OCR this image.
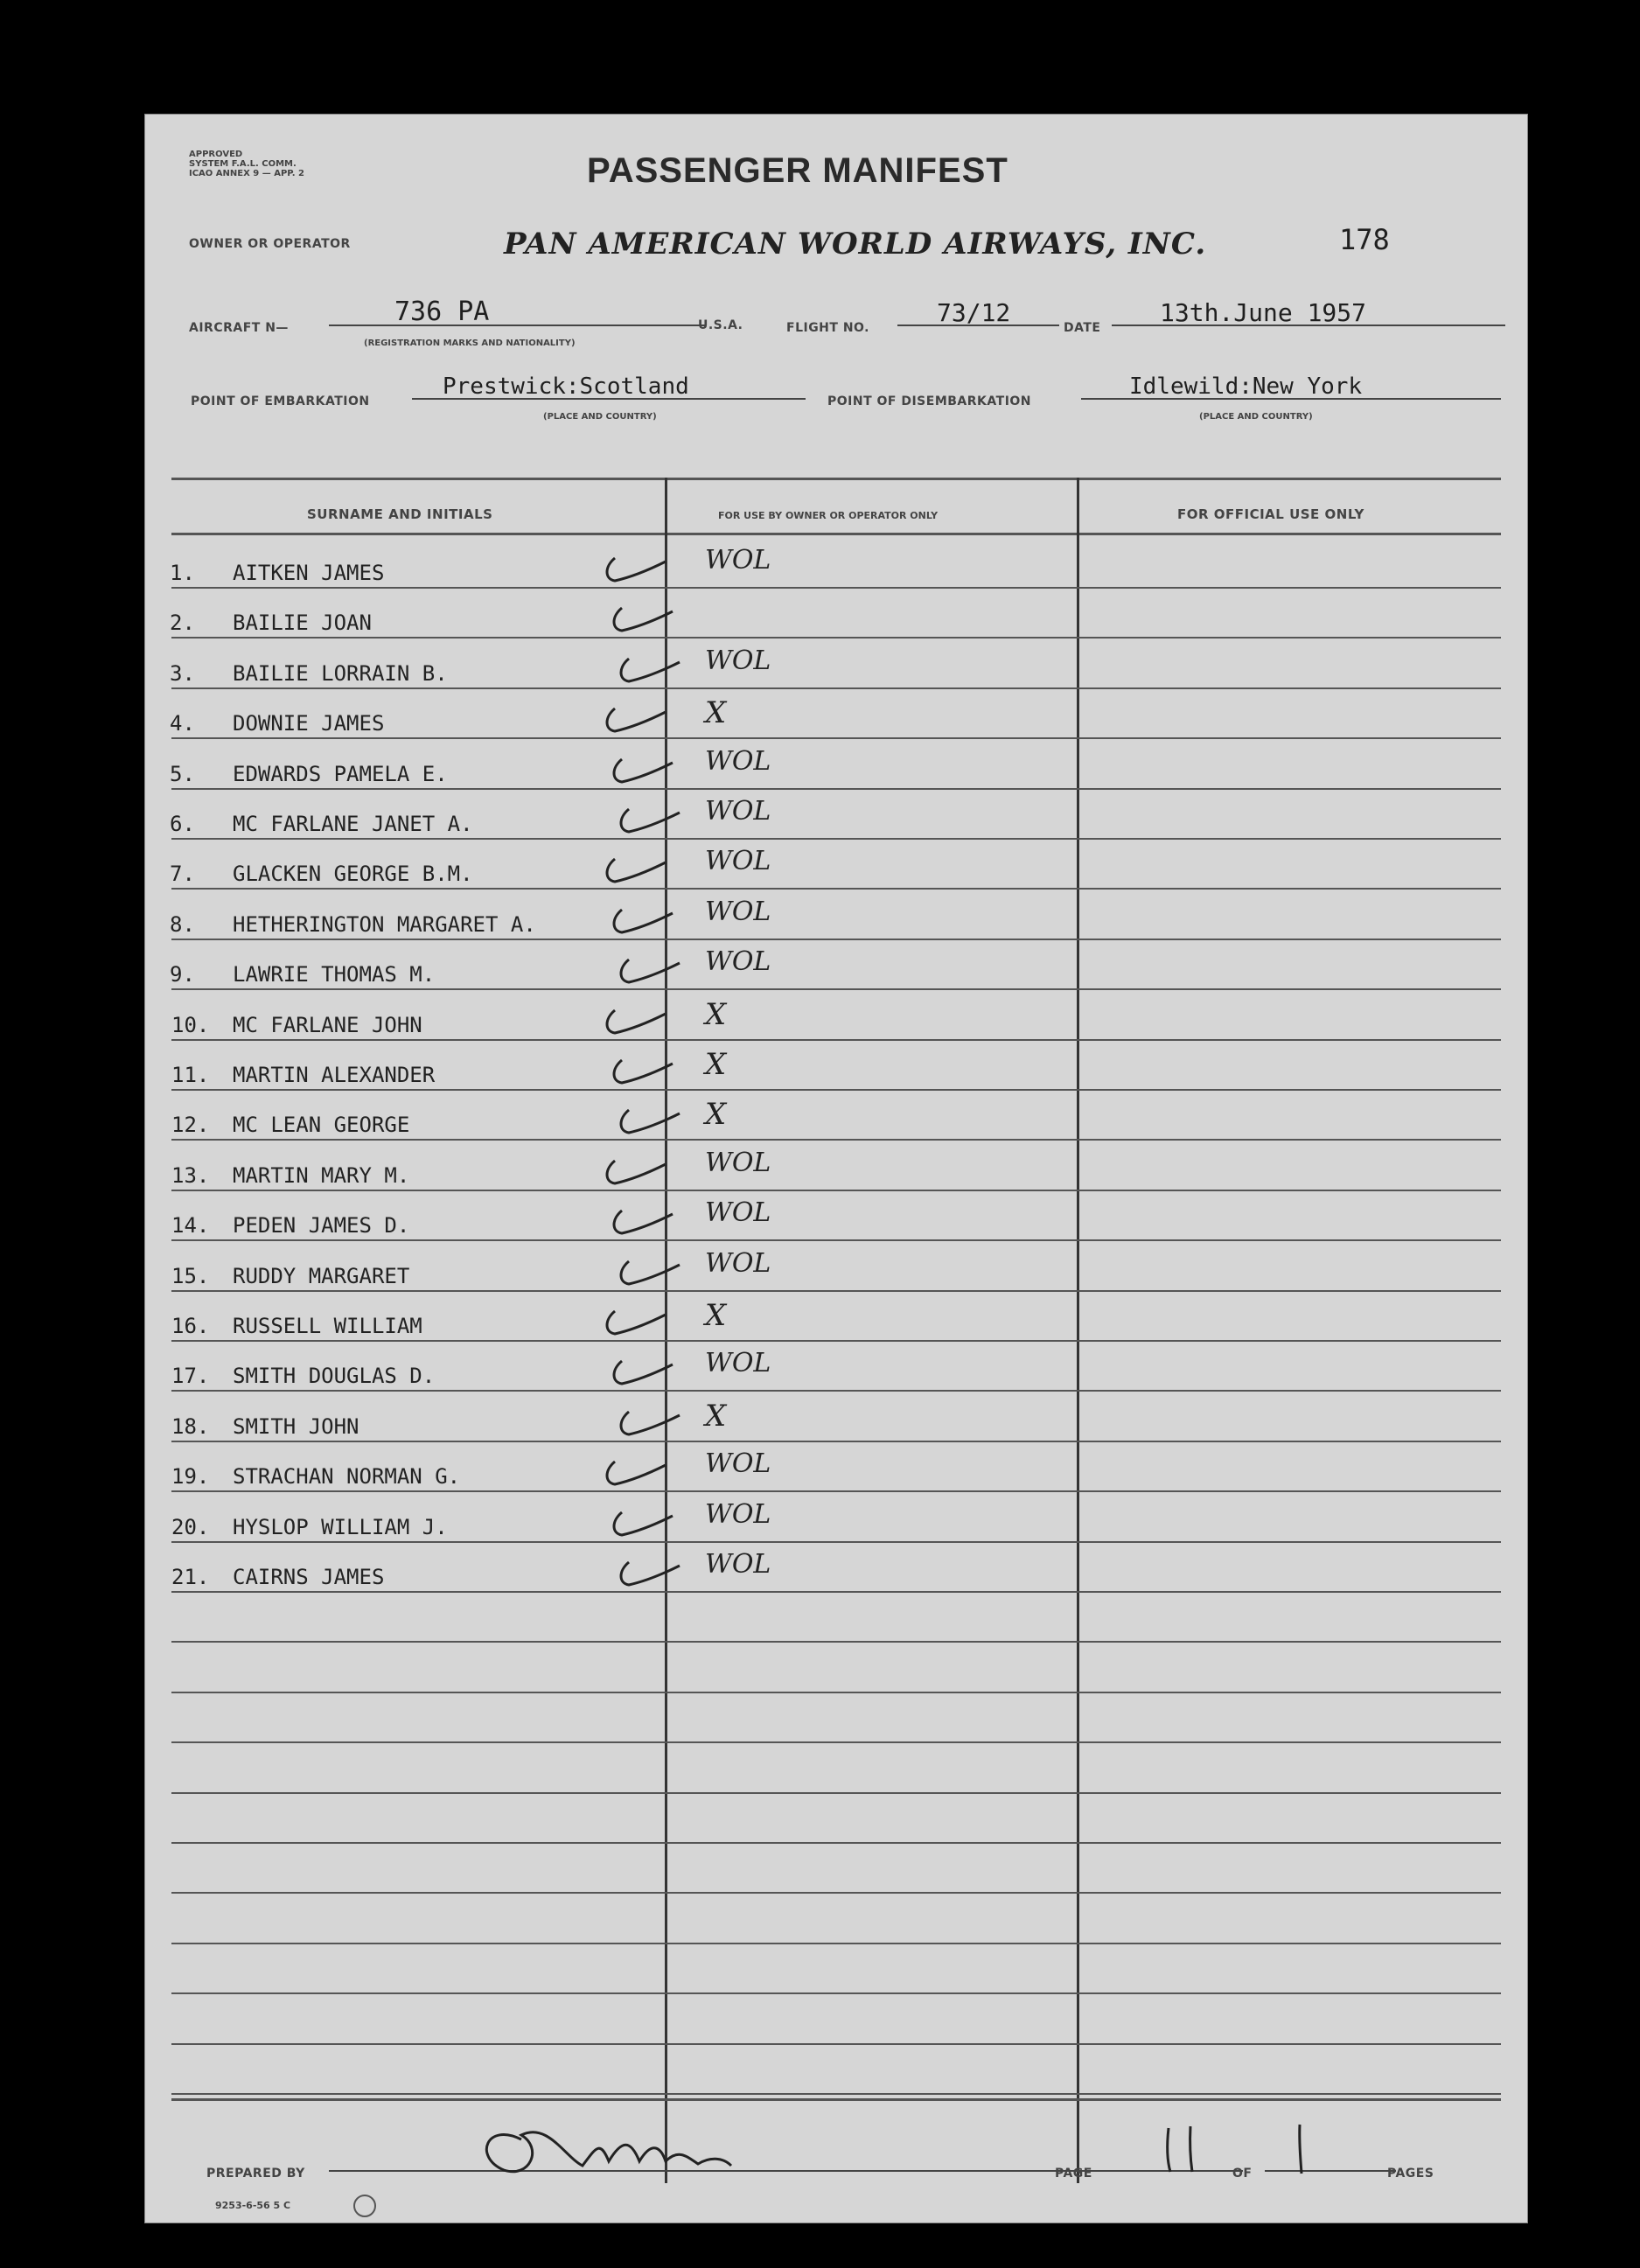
APPROVED
SYSTEM F.A.L. COMM.
ICAO ANNEX 9 — APP. 2	PASSENGER MANIFEST
OWNER OR OPERATOR	PAN AMERICAN WORLD AIRWAYS, INC.	178
AIRCRAFT N—
736 PA
(REGISTRATION MARKS AND NATIONALITY)
U.S.A.	FLIGHT NO.
73/12
DATE
13th.June 1957
POINT OF EMBARKATION
Prestwick:Scotland
(PLACE AND COUNTRY)
POINT OF DISEMBARKATION
Idlewild:New York
(PLACE AND COUNTRY)
SURNAME AND INITIALS	FOR USE BY OWNER OR OPERATOR ONLY	FOR OFFICIAL USE ONLY
1. AITKEN JAMES	WOL
2. BAILIE JOAN
3. BAILIE LORRAIN B.	WOL
4. DOWNIE JAMES	X
5. EDWARDS PAMELA E.	WOL
6. MC FARLANE JANET A.	WOL
7. GLACKEN GEORGE B.M.	WOL
8. HETHERINGTON MARGARET A.	WOL
9. LAWRIE THOMAS M.	WOL
10. MC FARLANE JOHN	X
11. MARTIN ALEXANDER	X
12. MC LEAN GEORGE	X
13. MARTIN MARY M.	WOL
14. PEDEN JAMES D.	WOL
15. RUDDY MARGARET	WOL
16. RUSSELL WILLIAM	X
17. SMITH DOUGLAS D.	WOL
18. SMITH JOHN	X
19. STRACHAN NORMAN G.	WOL
20. HYSLOP WILLIAM J.	WOL
21. CAIRNS JAMES	WOL
PREPARED BY	PAGE	OF	PAGES
9253-6-56 5 C
